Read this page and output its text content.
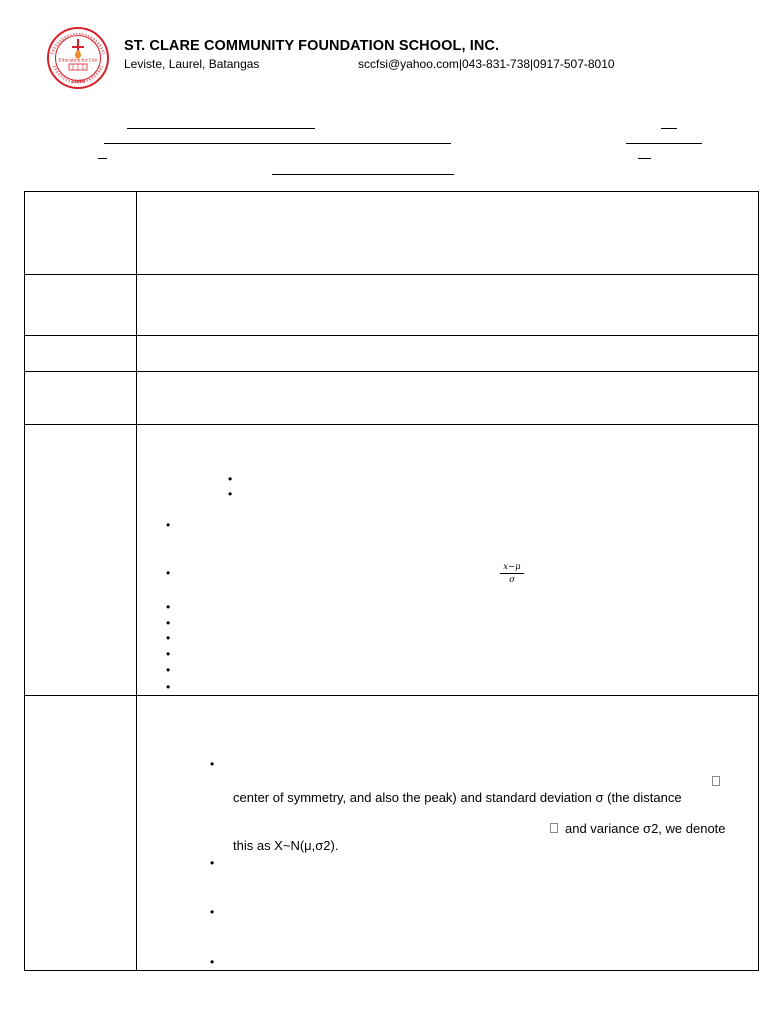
Education for Life
2009
ST. CLARE COMMUNITY FOUNDATION SCHOOL, INC.
Leviste, Laurel, Batangas	sccfsi@yahoo.com|043-831-738|0917-507-8010
•
•
•
•
•
•
•
•
•
•
$\frac{x-\mu}{\sigma}$
•
center of symmetry, and also the peak) and standard deviation σ (the distance
and variance σ2, we denote
this as X~N(μ,σ2).
•
•
•
